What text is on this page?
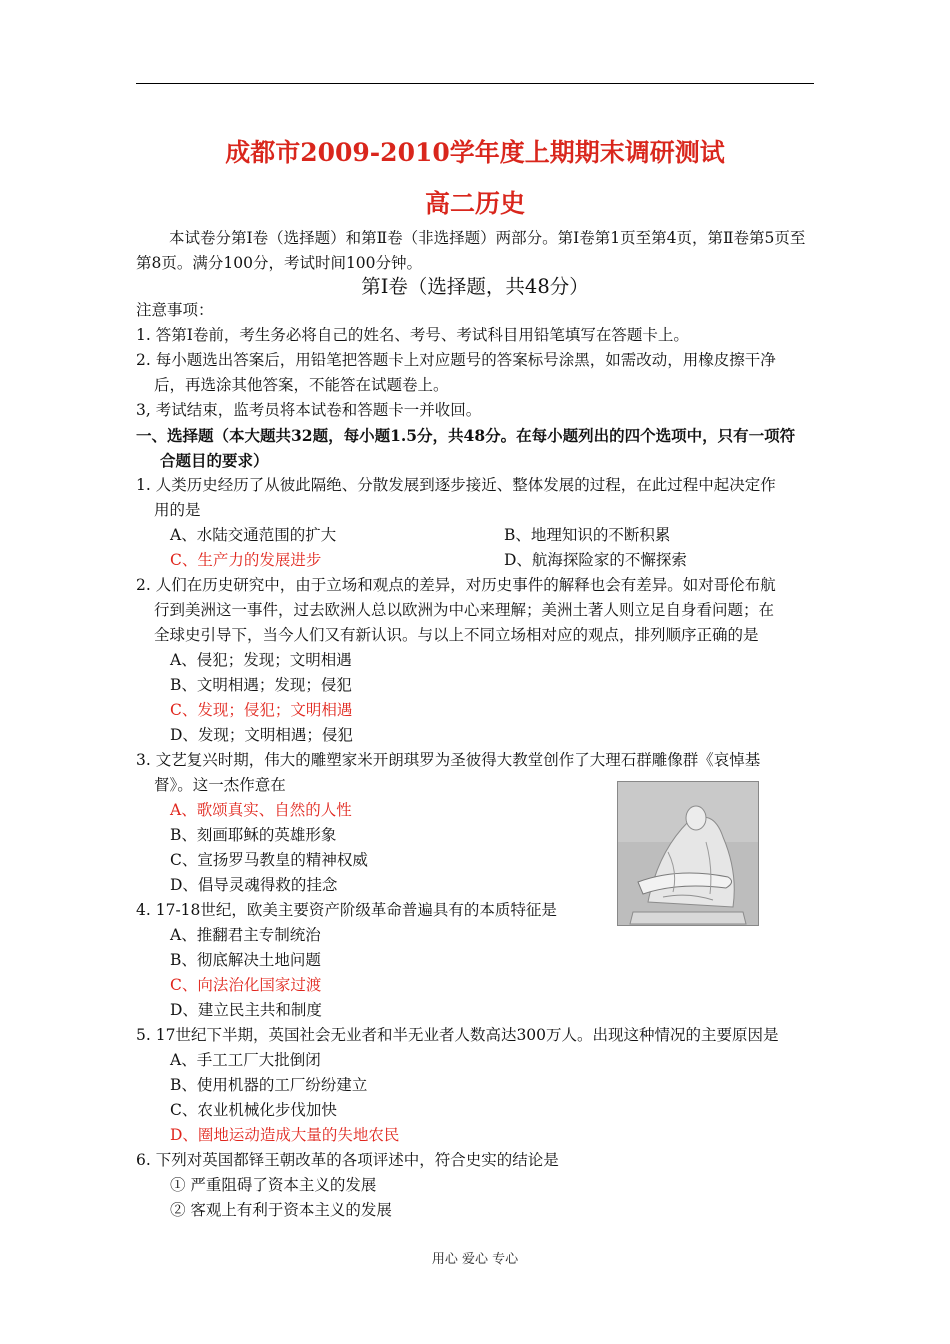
成都市2009-2010学年度上期期末调研测试
高二历史
本试卷分第Ⅰ卷（选择题）和第Ⅱ卷（非选择题）两部分。第Ⅰ卷第1页至第4页，第Ⅱ卷第5页至第8页。满分100分，考试时间100分钟。
第Ⅰ卷（选择题，共48分）
注意事项：
1. 答第Ⅰ卷前，考生务必将自己的姓名、考号、考试科目用铅笔填写在答题卡上。
2. 每小题选出答案后，用铅笔把答题卡上对应题号的答案标号涂黑，如需改动，用橡皮擦干净
后，再选涂其他答案，不能答在试题卷上。
3, 考试结束，监考员将本试卷和答题卡一并收回。
一、选择题（本大题共32题，每小题1.5分，共48分。在每小题列出的四个选项中，只有一项符
合题目的要求）
1. 人类历史经历了从彼此隔绝、分散发展到逐步接近、整体发展的过程，在此过程中起决定作
用的是
A、水陆交通范围的扩大	B、地理知识的不断积累
C、生产力的发展进步	D、航海探险家的不懈探索
2. 人们在历史研究中，由于立场和观点的差异，对历史事件的解释也会有差异。如对哥伦布航
行到美洲这一事件，过去欧洲人总以欧洲为中心来理解；美洲土著人则立足自身看问题；在
全球史引导下，当今人们又有新认识。与以上不同立场相对应的观点，排列顺序正确的是
A、侵犯；发现；文明相遇
B、文明相遇；发现；侵犯
C、发现；侵犯；文明相遇
D、发现；文明相遇；侵犯
3. 文艺复兴时期，伟大的雕塑家米开朗琪罗为圣彼得大教堂创作了大理石群雕像群《哀悼基
督》。这一杰作意在
A、歌颂真实、自然的人性
B、刻画耶稣的英雄形象
C、宣扬罗马教皇的精神权威
D、倡导灵魂得救的挂念
4. 17-18世纪，欧美主要资产阶级革命普遍具有的本质特征是
A、推翻君主专制统治
B、彻底解决土地问题
C、向法治化国家过渡
D、建立民主共和制度
5. 17世纪下半期，英国社会无业者和半无业者人数高达300万人。出现这种情况的主要原因是
A、手工工厂大批倒闭
B、使用机器的工厂纷纷建立
C、农业机械化步伐加快
D、圈地运动造成大量的失地农民
6. 下列对英国都铎王朝改革的各项评述中，符合史实的结论是
① 严重阻碍了资本主义的发展
② 客观上有利于资本主义的发展
用心 爱心 专心
